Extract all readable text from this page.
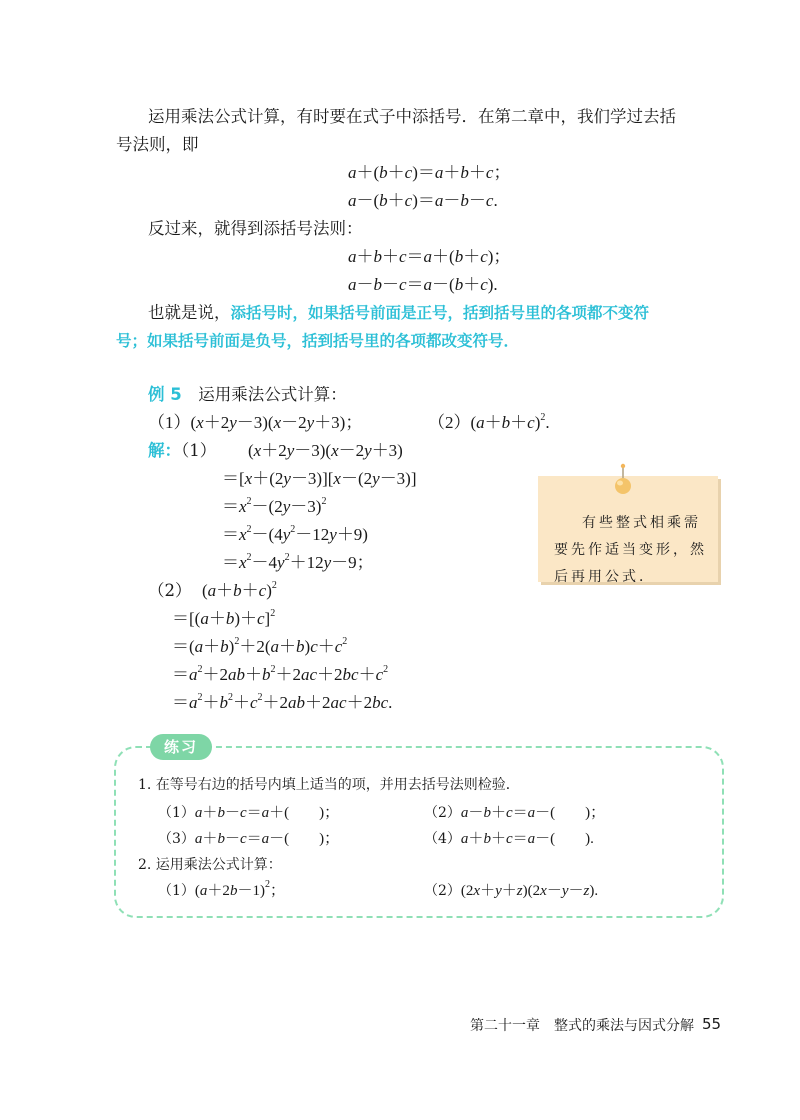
运用乘法公式计算，有时要在式子中添括号．在第二章中，我们学过去括
号法则，即
a＋(b＋c)＝a＋b＋c；
a－(b＋c)＝a－b－c.
反过来，就得到添括号法则：
a＋b＋c＝a＋(b＋c)；
a－b－c＝a－(b＋c).
也就是说，添括号时，如果括号前面是正号，括到括号里的各项都不变符
号；如果括号前面是负号，括到括号里的各项都改变符号．
例 5　 运用乘法公式计算：
（1）(x＋2y－3)(x－2y＋3)；	$(2)(a+b+c)^2$.
解：（1） (x＋2y－3)(x－2y＋3)
＝[x＋(2y－3)][x－(2y－3)]
$=x^2-(2y-3)^2$
$=x^2-(4y^2-12y+9)$
$=x^2-4y^2+12y-9$；
（2） $(a+b+c)^2$
$=[(a+b)+c]^2$
$=(a+b)^2+2(a+b)c+c^2$
$=a^2+2ab+b^2+2ac+2bc+c^2$
$=a^2+b^2+c^2+2ab+2ac+2bc$.
有些整式相乘需
要先作适当变形，然
后再用公式．
练习
1. 在等号右边的括号内填上适当的项，并用去括号法则检验．
（1）a＋b－c＝a＋(　　)；	（2）a－b＋c＝a－(　　)；
（3）a＋b－c＝a－(　　)；	（4）a＋b＋c＝a－(　　).
2. 运用乘法公式计算：
$(1)(a+2b-1)^2$；	（2）(2x＋y＋z)(2x－y－z).
第二十一章　整式的乘法与因式分解 55
